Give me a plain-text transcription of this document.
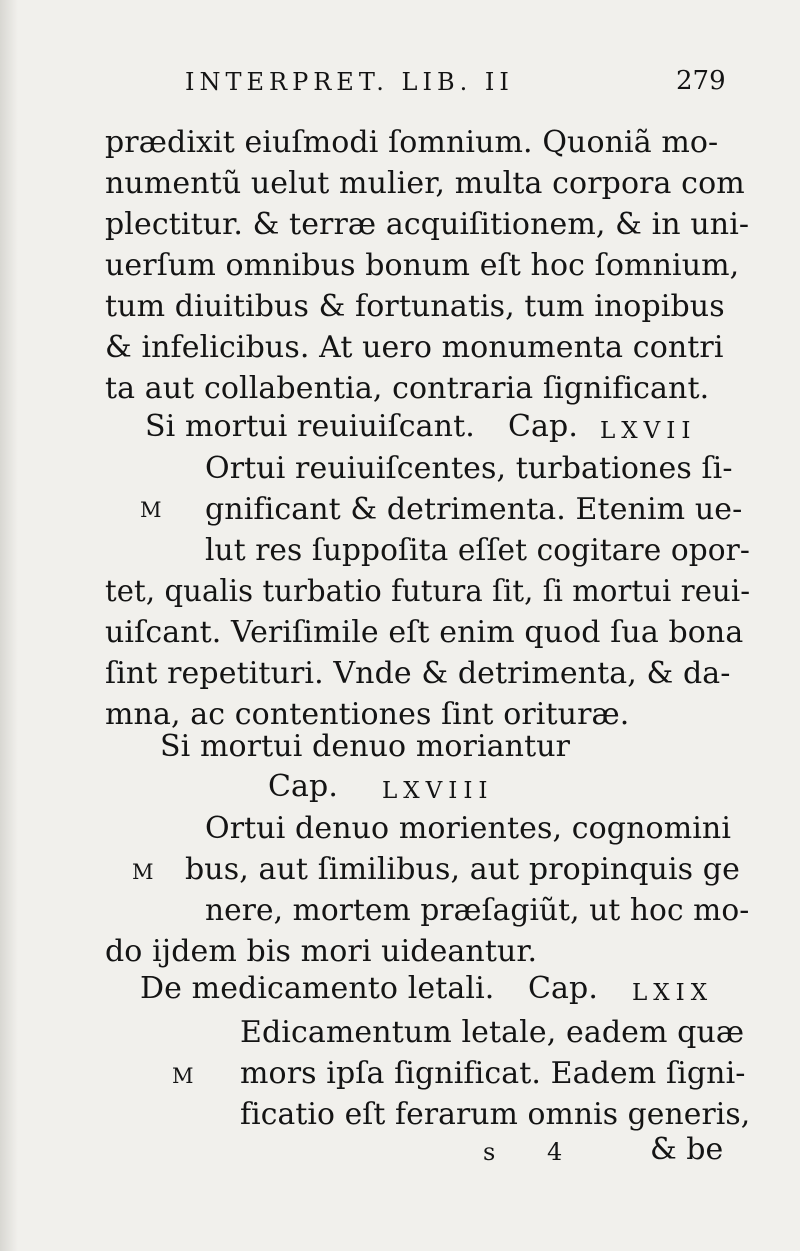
INTERPRET. LIB. II	279
prædixit eiuſmodi ſomnium. Quoniã mo-
numentũ uelut mulier, multa corpora com
plectitur. & terræ acquiſitionem, & in uni-
uerſum omnibus bonum eſt hoc ſomnium,
tum diuitibus & fortunatis, tum inopibus
& infelicibus. At uero monumenta contri
ta aut collabentia, contraria ſignificant.
Si mortui reuiuiſcant. Cap. LXVII
M
Ortui reuiuiſcentes, turbationes ſi-
gnificant & detrimenta. Etenim ue-
lut res ſuppoſita eſſet cogitare opor-
tet, qualis turbatio futura ſit, ſi mortui reui-
uiſcant. Veriſimile eſt enim quod ſua bona
ſint repetituri. Vnde & detrimenta, & da-
mna, ac contentiones ſint orituræ.
Si mortui denuo moriantur
Cap. LXVIII
M
Ortui denuo morientes, cognomini
bus, aut ſimilibus, aut propinquis ge
nere, mortem præſagiũt, ut hoc mo-
do ijdem bis mori uideantur.
De medicamento letali. Cap. LXIX
M
Edicamentum letale, eadem quæ
mors ipſa ſignificat. Eadem ſigni-
ficatio eſt ferarum omnis generis,
s 4 & be
